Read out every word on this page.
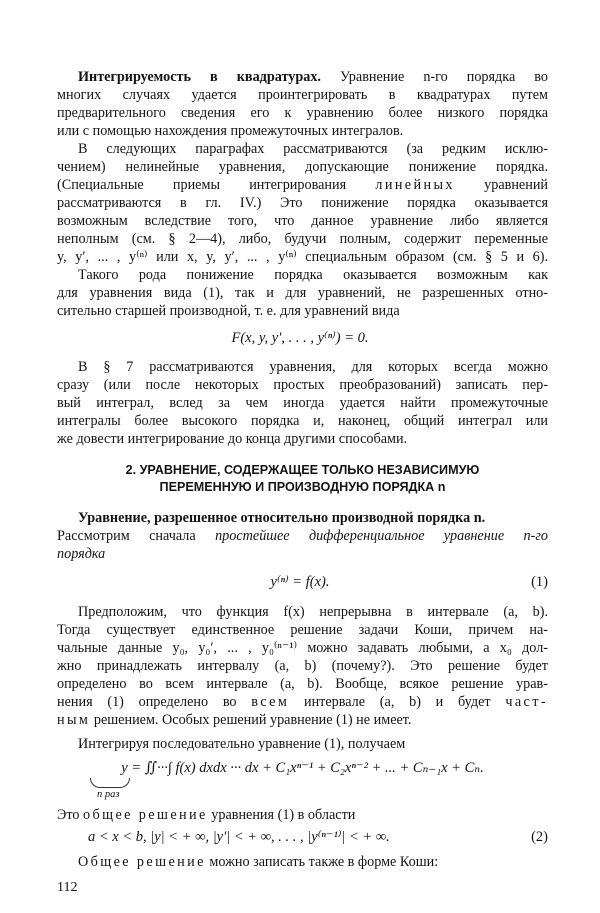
Интегрируемость в квадратурах. Уравнение n-го порядка во
многих случаях удается проинтегрировать в квадратурах путем
предварительного сведения его к уравнению более низкого порядка
или с помощью нахождения промежуточных интегралов.
В следующих параграфах рассматриваются (за редким исклю-
чением) нелинейные уравнения, допускающие понижение порядка.
(Специальные приемы интегрирования линейных уравнений
рассматриваются в гл. IV.) Это понижение порядка оказывается
возможным вследствие того, что данное уравнение либо является
неполным (см. § 2—4), либо, будучи полным, содержит переменные
y, y′, ... , y⁽ⁿ⁾ или x, y, y′, ... , y⁽ⁿ⁾ специальным образом (см. § 5 и 6).
Такого рода понижение порядка оказывается возможным как
для уравнения вида (1), так и для уравнений, не разрешенных отно-
сительно старшей производной, т. е. для уравнений вида
F(x, y, y′, . . . , y⁽ⁿ⁾) = 0.
В § 7 рассматриваются уравнения, для которых всегда можно
сразу (или после некоторых простых преобразований) записать пер-
вый интеграл, вслед за чем иногда удается найти промежуточные
интегралы более высокого порядка и, наконец, общий интеграл или
же довести интегрирование до конца другими способами.
2. УРАВНЕНИЕ, СОДЕРЖАЩЕЕ ТОЛЬКО НЕЗАВИСИМУЮ
ПЕРЕМЕННУЮ И ПРОИЗВОДНУЮ ПОРЯДКА n
Уравнение, разрешенное относительно производной порядка n.
Рассмотрим сначала простейшее дифференциальное уравнение n-го
порядка
y⁽ⁿ⁾ = f(x).	(1)
Предположим, что функция f(x) непрерывна в интервале (a, b).
Тогда существует единственное решение задачи Коши, причем на-
чальные данные y₀, y₀′, ... , y₀⁽ⁿ⁻¹⁾ можно задавать любыми, а x₀ дол-
жно принадлежать интервалу (a, b) (почему?). Это решение будет
определено во всем интервале (a, b). Вообще, всякое решение урав-
нения (1) определено во всем интервале (a, b) и будет част-
ным решением. Особых решений уравнение (1) не имеет.
Интегрируя последовательно уравнение (1), получаем
y = ∬···∫ f(x) dxdx ··· dx + C₁xⁿ⁻¹ + C₂xⁿ⁻² + ... + Cₙ₋₁x + Cₙ.
n раз
Это общее решение уравнения (1) в области
a < x < b, |y| < + ∞, |y′| < + ∞, . . . , |y⁽ⁿ⁻¹⁾| < + ∞.	(2)
Общее решение можно записать также в форме Коши:
112
